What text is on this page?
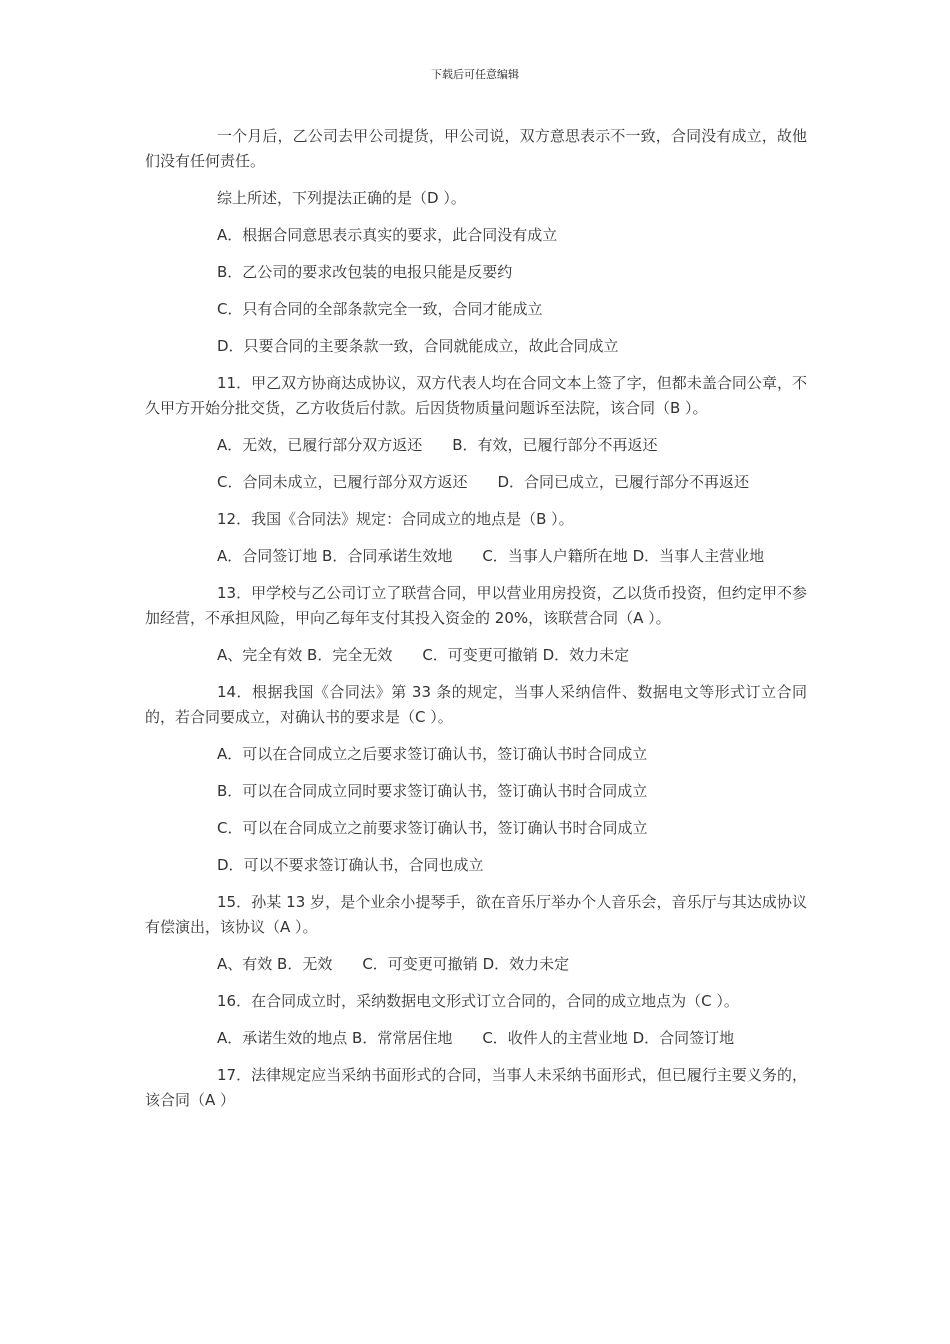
下载后可任意编辑

一个月后，乙公司去甲公司提货，甲公司说，双方意思表示不一致，合同没有成立，故他们没有任何责任。

综上所述，下列提法正确的是（D ）。

A．根据合同意思表示真实的要求，此合同没有成立

B．乙公司的要求改包装的电报只能是反要约

C．只有合同的全部条款完全一致，合同才能成立

D．只要合同的主要条款一致，合同就能成立，故此合同成立

11．甲乙双方协商达成协议，双方代表人均在合同文本上签了字，但都未盖合同公章，不久甲方开始分批交货，乙方收货后付款。后因货物质量问题诉至法院，该合同（B ）。

A．无效，已履行部分双方返还 B．有效，已履行部分不再返还

C．合同未成立，已履行部分双方返还 D．合同已成立，已履行部分不再返还

12．我国《合同法》规定：合同成立的地点是（B ）。

A．合同签订地 B．合同承诺生效地 C．当事人户籍所在地 D．当事人主营业地

13．甲学校与乙公司订立了联营合同，甲以营业用房投资，乙以货币投资，但约定甲不参加经营，不承担风险，甲向乙每年支付其投入资金的 20%，该联营合同（A ）。

A、完全有效 B．完全无效 C．可变更可撤销 D．效力未定

14．根据我国《合同法》第 33 条的规定，当事人采纳信件、数据电文等形式订立合同的，若合同要成立，对确认书的要求是（C ）。

A．可以在合同成立之后要求签订确认书，签订确认书时合同成立

B．可以在合同成立同时要求签订确认书，签订确认书时合同成立

C．可以在合同成立之前要求签订确认书，签订确认书时合同成立

D．可以不要求签订确认书，合同也成立

15．孙某 13 岁，是个业余小提琴手，欲在音乐厅举办个人音乐会，音乐厅与其达成协议有偿演出，该协议（A ）。

A、有效 B．无效 C．可变更可撤销 D．效力未定

16．在合同成立时，采纳数据电文形式订立合同的，合同的成立地点为（C ）。

A．承诺生效的地点 B．常常居住地 C．收件人的主营业地 D．合同签订地

17．法律规定应当采纳书面形式的合同，当事人未采纳书面形式，但已履行主要义务的，该合同（A ）
